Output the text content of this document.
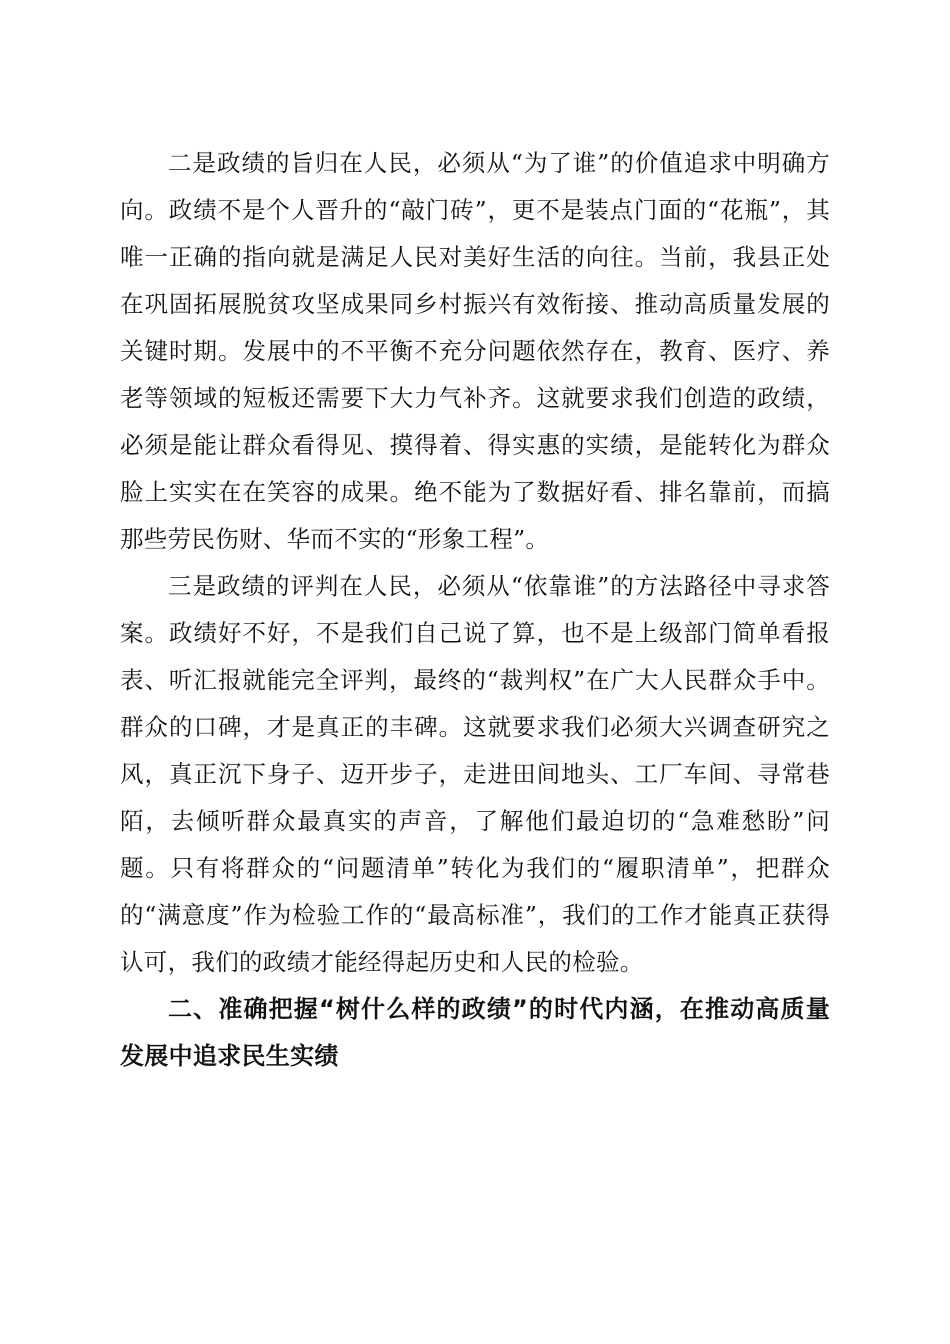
二是政绩的旨归在人民，必须从“为了谁”的价值追求中明确方向。政绩不是个人晋升的“敲门砖”，更不是装点门面的“花瓶”，其唯一正确的指向就是满足人民对美好生活的向往。当前，我县正处在巩固拓展脱贫攻坚成果同乡村振兴有效衔接、推动高质量发展的关键时期。发展中的不平衡不充分问题依然存在，教育、医疗、养老等领域的短板还需要下大力气补齐。这就要求我们创造的政绩，必须是能让群众看得见、摸得着、得实惠的实绩，是能转化为群众脸上实实在在笑容的成果。绝不能为了数据好看、排名靠前，而搞那些劳民伤财、华而不实的“形象工程”。

三是政绩的评判在人民，必须从“依靠谁”的方法路径中寻求答案。政绩好不好，不是我们自己说了算，也不是上级部门简单看报表、听汇报就能完全评判，最终的“裁判权”在广大人民群众手中。群众的口碑，才是真正的丰碑。这就要求我们必须大兴调查研究之风，真正沉下身子、迈开步子，走进田间地头、工厂车间、寻常巷陌，去倾听群众最真实的声音，了解他们最迫切的“急难愁盼”问题。只有将群众的“问题清单”转化为我们的“履职清单”，把群众的“满意度”作为检验工作的“最高标准”，我们的工作才能真正获得认可，我们的政绩才能经得起历史和人民的检验。

二、准确把握“树什么样的政绩”的时代内涵，在推动高质量发展中追求民生实绩
